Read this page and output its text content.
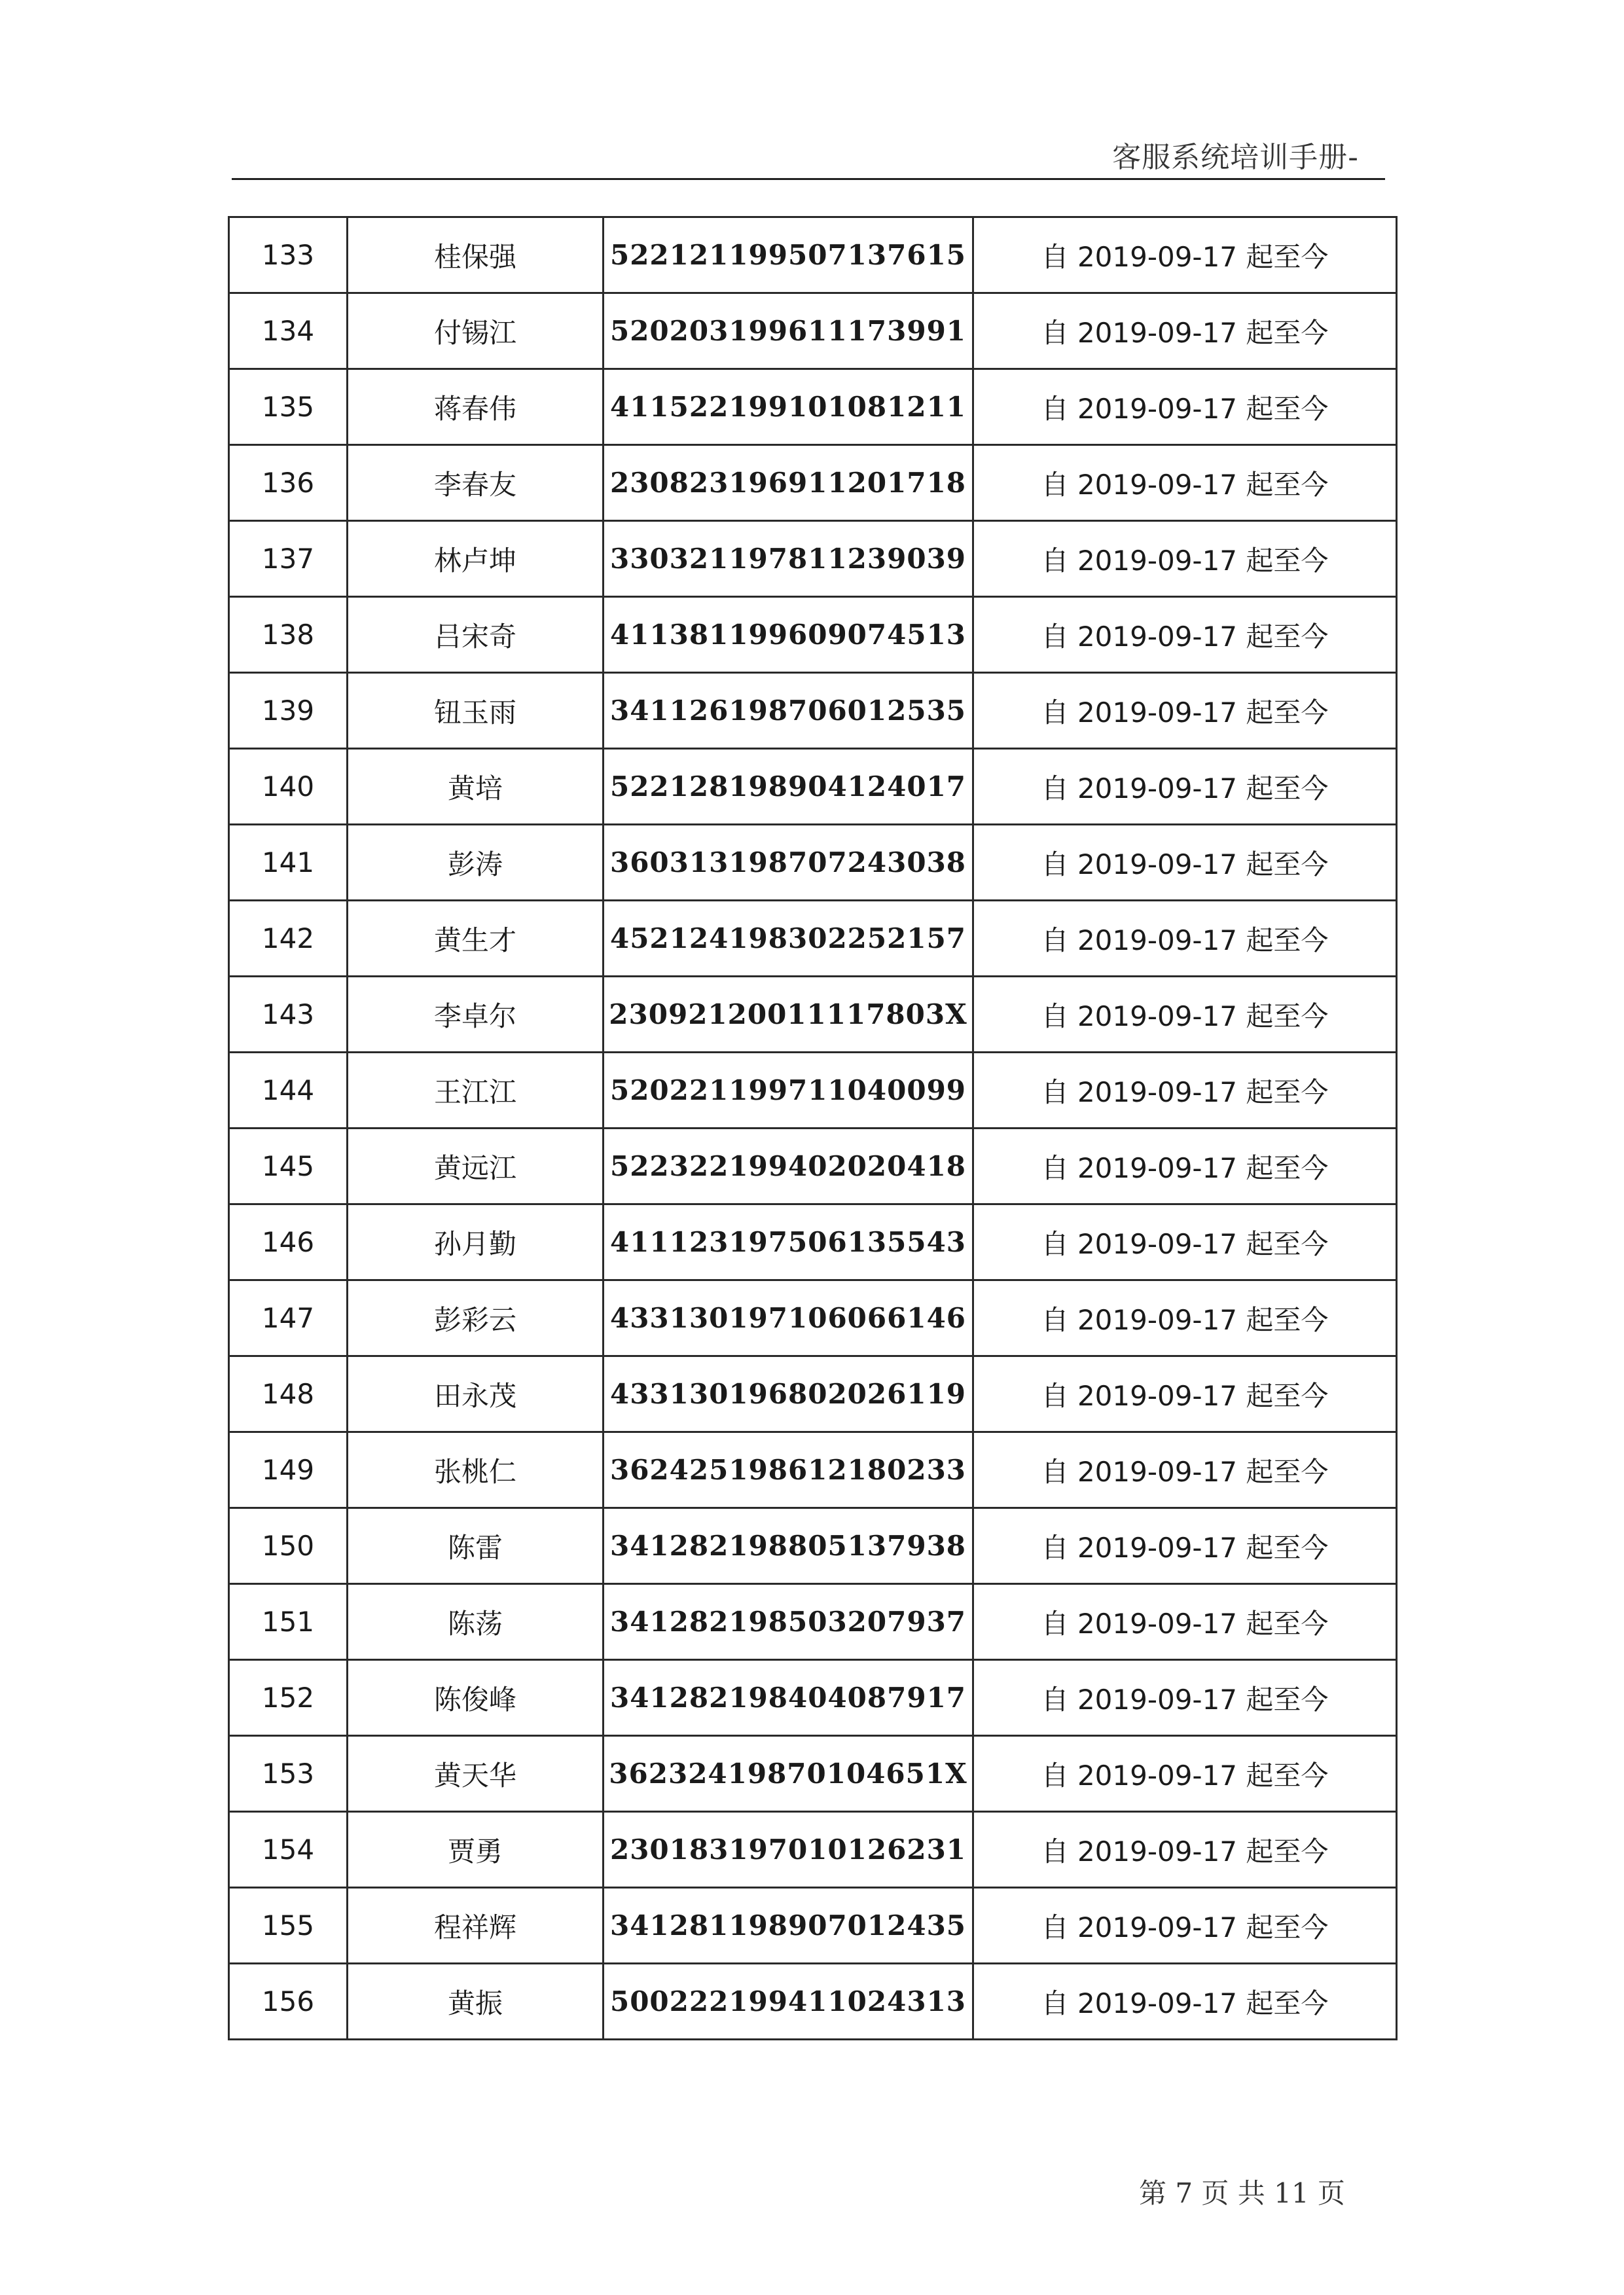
客服系统培训手册-
133	桂保强	522121199507137615	自 2019-09-17 起至今
134	付锡江	520203199611173991	自 2019-09-17 起至今
135	蒋春伟	411522199101081211	自 2019-09-17 起至今
136	李春友	230823196911201718	自 2019-09-17 起至今
137	林卢坤	330321197811239039	自 2019-09-17 起至今
138	吕宋奇	411381199609074513	自 2019-09-17 起至今
139	钮玉雨	341126198706012535	自 2019-09-17 起至今
140	黄培	522128198904124017	自 2019-09-17 起至今
141	彭涛	360313198707243038	自 2019-09-17 起至今
142	黄生才	452124198302252157	自 2019-09-17 起至今
143	李卓尔	23092120011117803X	自 2019-09-17 起至今
144	王江江	520221199711040099	自 2019-09-17 起至今
145	黄远江	522322199402020418	自 2019-09-17 起至今
146	孙月勤	411123197506135543	自 2019-09-17 起至今
147	彭彩云	433130197106066146	自 2019-09-17 起至今
148	田永茂	433130196802026119	自 2019-09-17 起至今
149	张桃仁	362425198612180233	自 2019-09-17 起至今
150	陈雷	341282198805137938	自 2019-09-17 起至今
151	陈荡	341282198503207937	自 2019-09-17 起至今
152	陈俊峰	341282198404087917	自 2019-09-17 起至今
153	黄天华	36232419870104651X	自 2019-09-17 起至今
154	贾勇	230183197010126231	自 2019-09-17 起至今
155	程祥辉	341281198907012435	自 2019-09-17 起至今
156	黄振	500222199411024313	自 2019-09-17 起至今
第 7 页 共 11 页
